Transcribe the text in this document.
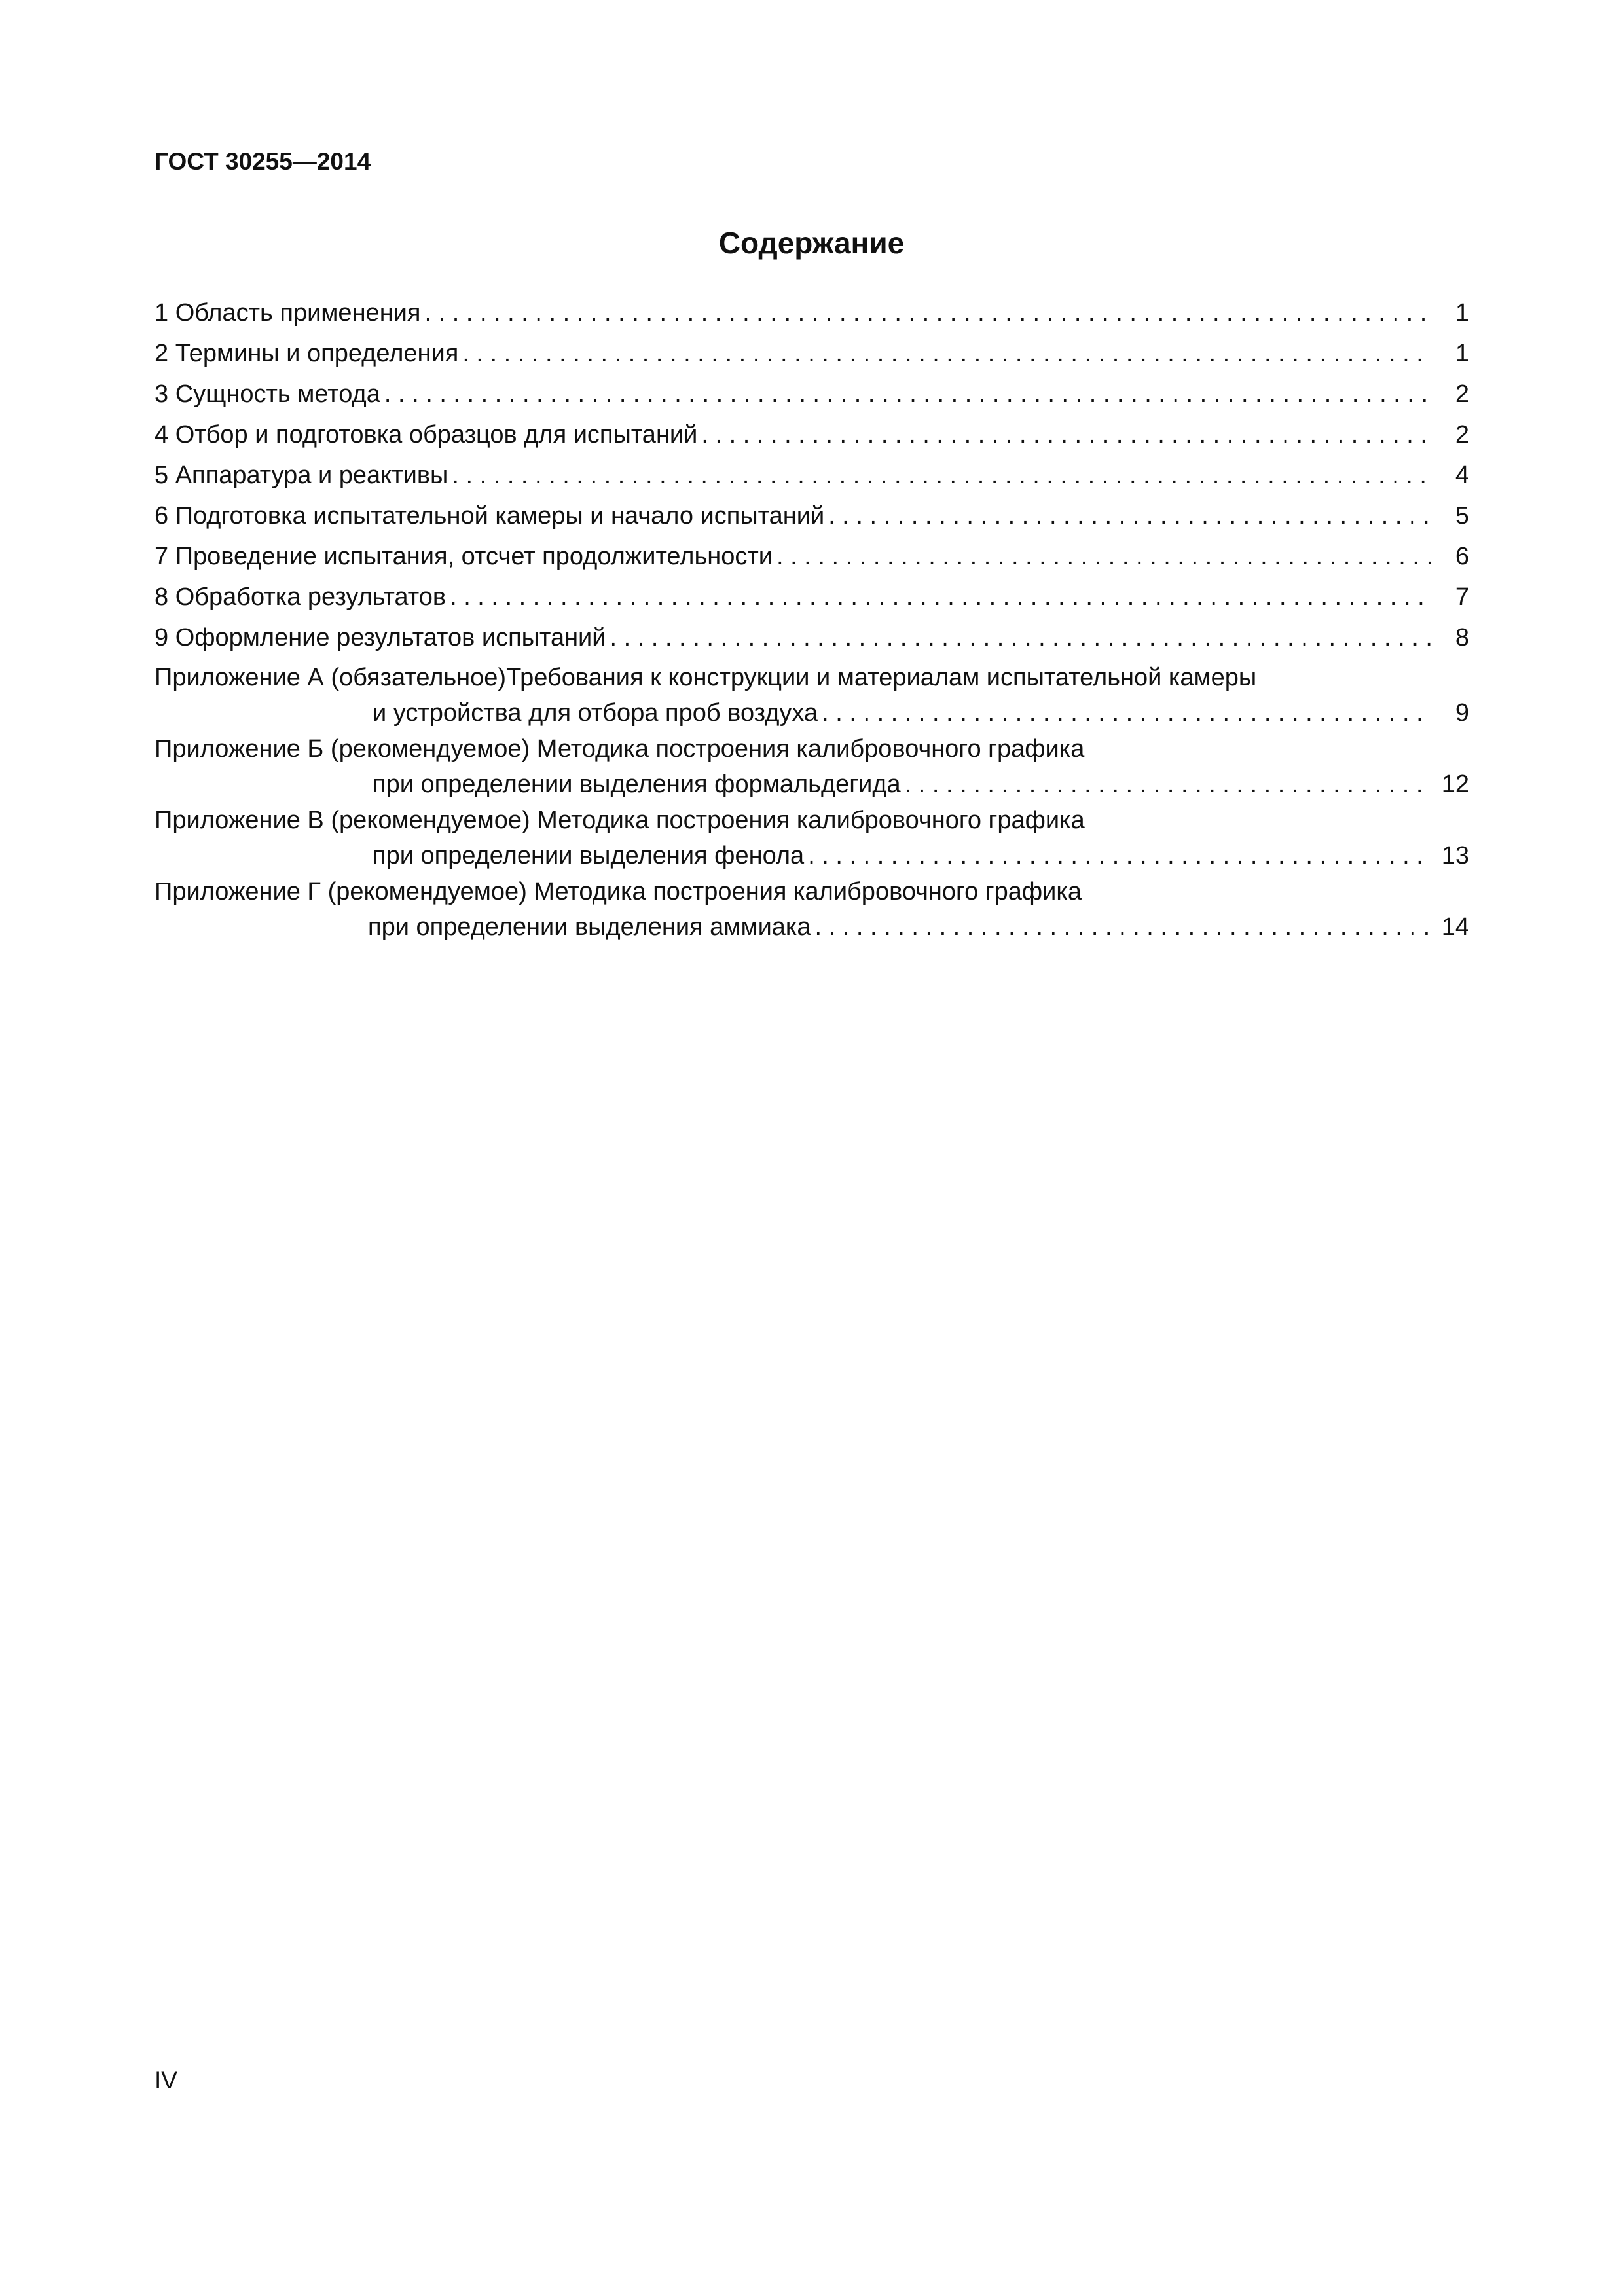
ГОСТ 30255—2014
Содержание
1 Область применения . . .	1
2 Термины и определения . . .	1
3 Сущность метода . . .	2
4 Отбор и подготовка образцов для испытаний . . .	2
5 Аппаратура и реактивы . . .	4
6 Подготовка испытательной камеры и начало испытаний . . .	5
7 Проведение испытания, отсчет продолжительности . . .	6
8 Обработка результатов . . .	7
9 Оформление результатов испытаний . . .	8
Приложение А (обязательное)Требования к конструкции и материалам испытательной камеры
и устройства для отбора проб воздуха . . .	9
Приложение Б (рекомендуемое) Методика построения калибровочного графика
при определении выделения формальдегида . . .	12
Приложение В (рекомендуемое) Методика построения калибровочного графика
при определении выделения фенола . . .	13
Приложение Г (рекомендуемое) Методика построения калибровочного графика
при определении выделения аммиака . . .	14
IV
